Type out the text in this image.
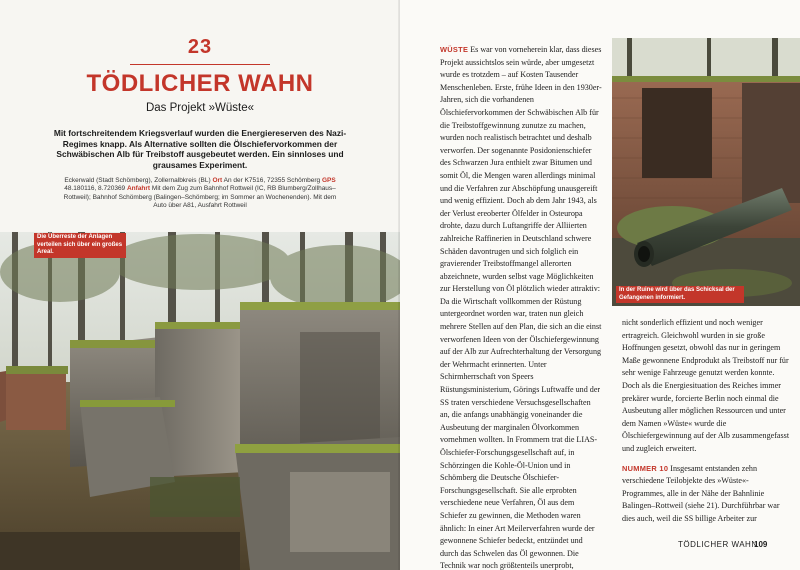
23
TÖDLICHER WAHN
Das Projekt »Wüste«

Mit fortschreitendem Kriegsverlauf wurden die Energiereserven des Nazi-Regimes knapp. Als Alternative sollten die Ölschiefervorkommen der Schwäbischen Alb für Treibstoff ausgebeutet werden. Ein sinnloses und grausames Experiment.

Eckerwald (Stadt Schömberg), Zollernalbkreis (BL) Ort An der K7516, 72355 Schömberg GPS 48.180116, 8.720369 Anfahrt Mit dem Zug zum Bahnhof Rottweil (IC, RB Blumberg/Zollhaus–Rottweil); Bahnhof Schömberg (Balingen–Schömberg; im Sommer an Wochenenden). Mit dem Auto über A81, Ausfahrt Rottweil

Die Überreste der Anlagen verteilen sich über ein großes Areal.
WÜSTE Es war von vorneherein klar, dass dieses Projekt aussichtslos sein würde, aber umgesetzt wurde es trotzdem – auf Kosten Tausender Menschenleben. Erste, frühe Ideen in den 1930er-Jahren, sich die vorhandenen Ölschiefervorkommen der Schwäbischen Alb für die Treibstoffgewinnung zunutze zu machen, wurden noch realistisch betrachtet und deshalb verworfen. Der sogenannte Posidonienschiefer des Schwarzen Jura enthielt zwar Bitumen und somit Öl, die Mengen waren allerdings minimal und die Verfahren zur Abschöpfung unausgereift und wenig effizient. Doch ab dem Jahr 1943, als der Verlust ereoberter Ölfelder in Osteuropa drohte, dazu durch Luftangriffe der Alliierten zahlreiche Raffinerien in Deutschland schwere Schäden davontrugen und sich folglich ein gravierender Treibstoffmangel allerorten abzeichnete, wurden selbst vage Möglichkeiten zur Herstellung von Öl plötzlich wieder attraktiv: Da die Wirtschaft vollkommen der Rüstung untergeordnet worden war, traten nun gleich mehrere Stellen auf den Plan, die sich an die einst verworfenen Ideen von der Ölschiefergewinnung auf der Alb zur Aufrechterhaltung der Versorgung der Wehrmacht erinnerten. Unter Schirmherrschaft von Speers Rüstungsministerium, Görings Luftwaffe und der SS traten verschiedene Versuchsgesellschaften an, die anfangs unabhängig voneinander die Ausbeutung der marginalen Ölvorkommen vornehmen wollten. In Frommern trat die LIAS-Ölschiefer-Forschungsgesellschaft auf, in Schörzingen die Kohle-Öl-Union und in Schömberg die Deutsche Ölschiefer-Forschungsgesellschaft. Sie alle erprobten verschiedene neue Verfahren, Öl aus dem Schiefer zu gewinnen, die Methoden waren ähnlich: In einer Art Meilerverfahren wurde der gewonnene Schiefer bedeckt, entzündet und durch das Schwelen das Öl gewonnen. Die Technik war noch größtenteils unerprobt,
In der Ruine wird über das Schicksal der Gefangenen informiert.

nicht sonderlich effizient und noch weniger ertragreich. Gleichwohl wurden in sie große Hoffnungen gesetzt, obwohl das nur in geringem Maße gewonnene Endprodukt als Treibstoff nur für sehr wenige Fahrzeuge genutzt werden konnte. Doch als die Energiesituation des Reiches immer prekärer wurde, forcierte Berlin noch einmal die Ausbeutung aller möglichen Ressourcen und unter dem Namen »Wüste« wurde die Ölschiefergewinnung auf der Alb zusammengefasst und zugleich erweitert.

NUMMER 10 Insgesamt entstanden zehn verschiedene Teilobjekte des »Wüste«-Programmes, alle in der Nähe der Bahnlinie Balingen–Rottweil (siehe 21). Durchführbar war dies auch, weil die SS billige Arbeiter zur

TÖDLICHER WAHN
109
